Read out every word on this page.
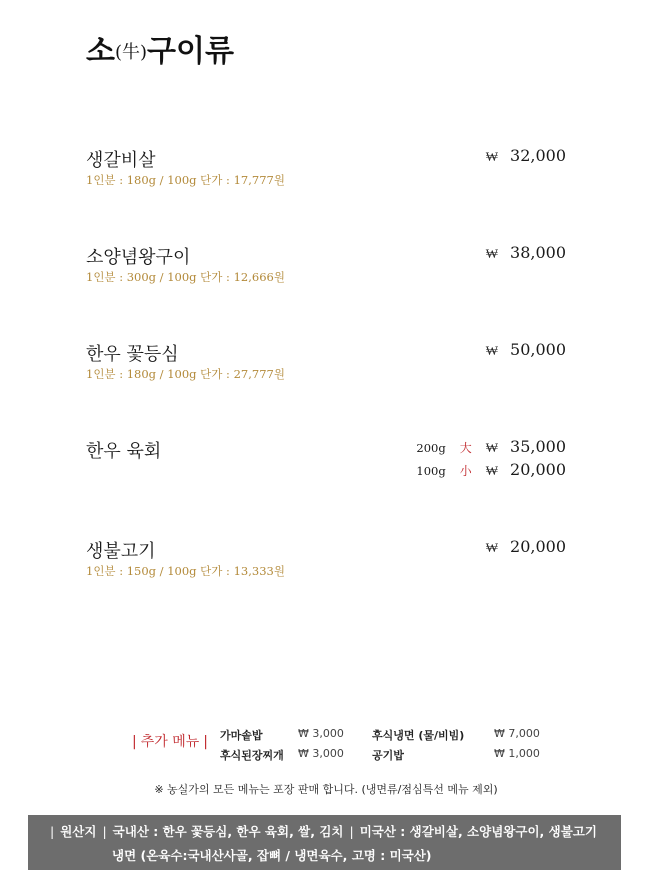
소(牛)구이류
생갈비살
1인분 : 180g / 100g 단가 : 17,777원
₩ 32,000
소양념왕구이
1인분 : 300g / 100g 단가 : 12,666원
₩ 38,000
한우 꽃등심
1인분 : 180g / 100g 단가 : 27,777원
₩ 50,000
한우 육회	200g 大 ₩ 35,000
100g 小 ₩ 20,000
생불고기
1인분 : 150g / 100g 단가 : 13,333원
₩ 20,000
| 추가 메뉴 |	가마솥밥	₩ 3,000	후식냉면 (물/비빔)	₩ 7,000
후식된장찌개 ₩ 3,000	공기밥	₩ 1,000
※ 농실가의 모든 메뉴는 포장 판매 합니다. (냉면류/점심특선 메뉴 제외)
| 원산지 | 국내산 : 한우 꽃등심, 한우 육회, 쌀, 김치 | 미국산 : 생갈비살, 소양념왕구이, 생불고기
냉면 (온육수:국내산사골, 잡뼈 / 냉면육수, 고명 : 미국산)
